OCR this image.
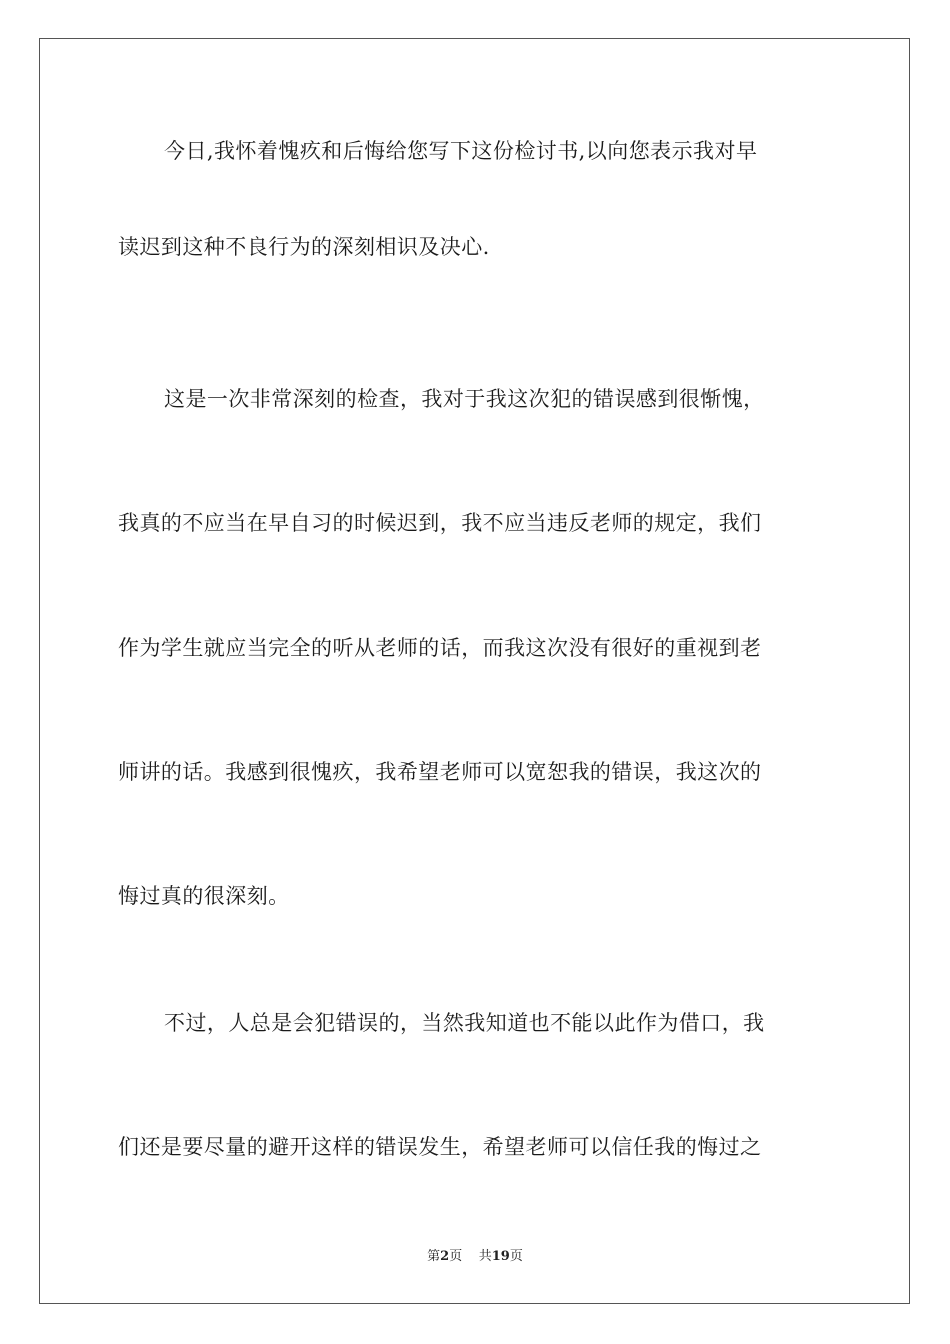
今日,我怀着愧疚和后悔给您写下这份检讨书,以向您表示我对早
读迟到这种不良行为的深刻相识及决心.
这是一次非常深刻的检查，我对于我这次犯的错误感到很惭愧，
我真的不应当在早自习的时候迟到，我不应当违反老师的规定，我们
作为学生就应当完全的听从老师的话，而我这次没有很好的重视到老
师讲的话。我感到很愧疚，我希望老师可以宽恕我的错误，我这次的
悔过真的很深刻。
不过，人总是会犯错误的，当然我知道也不能以此作为借口，我
们还是要尽量的避开这样的错误发生，希望老师可以信任我的悔过之
第2页 共19页
